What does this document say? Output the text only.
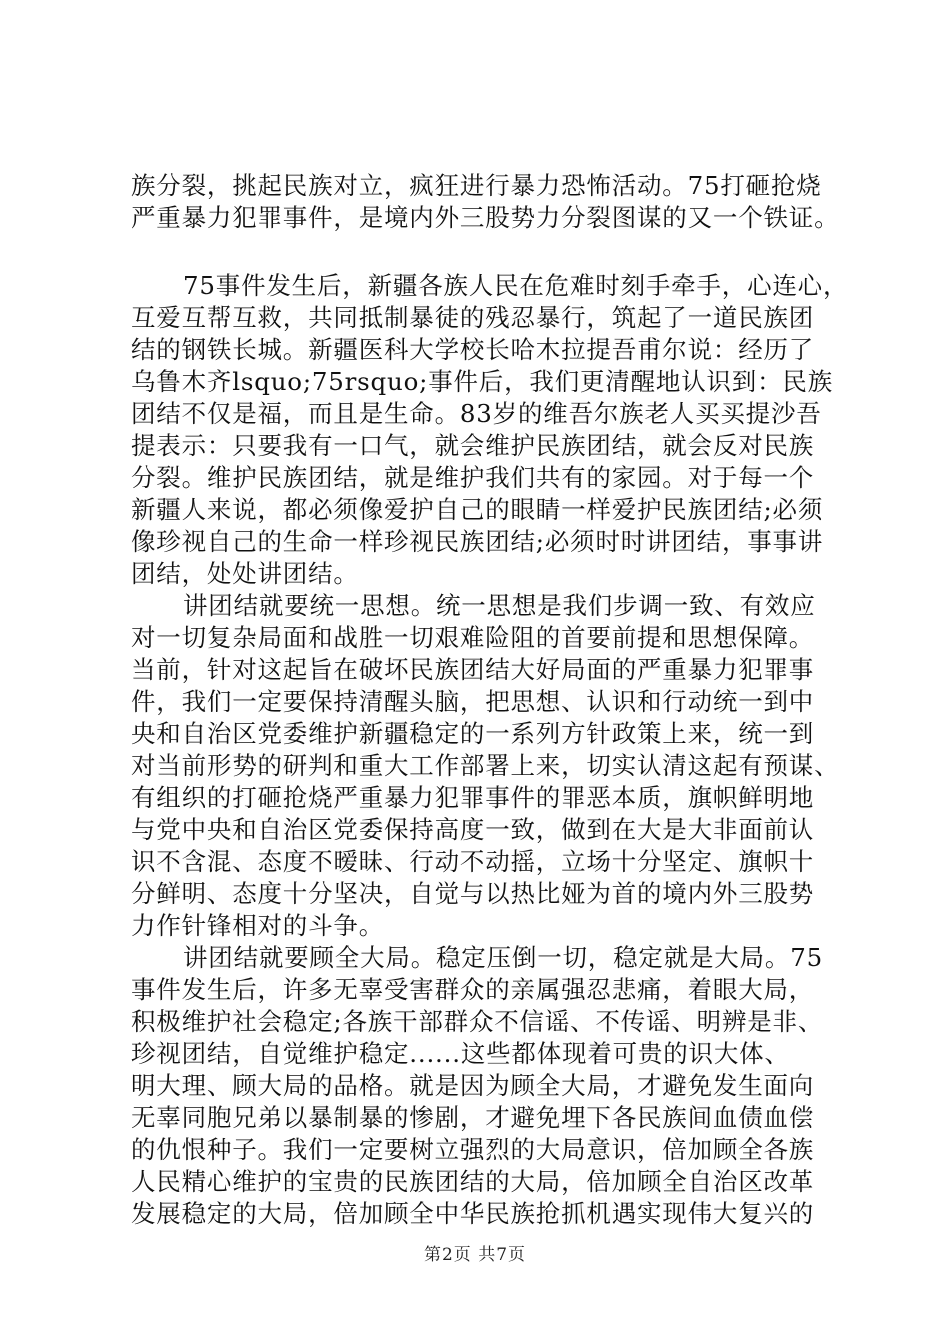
族分裂，挑起民族对立，疯狂进行暴力恐怖活动。75打砸抢烧
严重暴力犯罪事件，是境内外三股势力分裂图谋的又一个铁证。
75事件发生后，新疆各族人民在危难时刻手牵手，心连心，
互爱互帮互救，共同抵制暴徒的残忍暴行，筑起了一道民族团
结的钢铁长城。新疆医科大学校长哈木拉提吾甫尔说：经历了
乌鲁木齐lsquo;75rsquo;事件后，我们更清醒地认识到：民族
团结不仅是福，而且是生命。83岁的维吾尔族老人买买提沙吾
提表示：只要我有一口气，就会维护民族团结，就会反对民族
分裂。维护民族团结，就是维护我们共有的家园。对于每一个
新疆人来说，都必须像爱护自己的眼睛一样爱护民族团结;必须
像珍视自己的生命一样珍视民族团结;必须时时讲团结，事事讲
团结，处处讲团结。
讲团结就要统一思想。统一思想是我们步调一致、有效应
对一切复杂局面和战胜一切艰难险阻的首要前提和思想保障。
当前，针对这起旨在破坏民族团结大好局面的严重暴力犯罪事
件，我们一定要保持清醒头脑，把思想、认识和行动统一到中
央和自治区党委维护新疆稳定的一系列方针政策上来，统一到
对当前形势的研判和重大工作部署上来，切实认清这起有预谋、
有组织的打砸抢烧严重暴力犯罪事件的罪恶本质，旗帜鲜明地
与党中央和自治区党委保持高度一致，做到在大是大非面前认
识不含混、态度不暧昧、行动不动摇，立场十分坚定、旗帜十
分鲜明、态度十分坚决，自觉与以热比娅为首的境内外三股势
力作针锋相对的斗争。
讲团结就要顾全大局。稳定压倒一切，稳定就是大局。75
事件发生后，许多无辜受害群众的亲属强忍悲痛，着眼大局，
积极维护社会稳定;各族干部群众不信谣、不传谣、明辨是非、
珍视团结，自觉维护稳定......这些都体现着可贵的识大体、
明大理、顾大局的品格。就是因为顾全大局，才避免发生面向
无辜同胞兄弟以暴制暴的惨剧，才避免埋下各民族间血债血偿
的仇恨种子。我们一定要树立强烈的大局意识，倍加顾全各族
人民精心维护的宝贵的民族团结的大局，倍加顾全自治区改革
发展稳定的大局，倍加顾全中华民族抢抓机遇实现伟大复兴的
第2页 共7页
